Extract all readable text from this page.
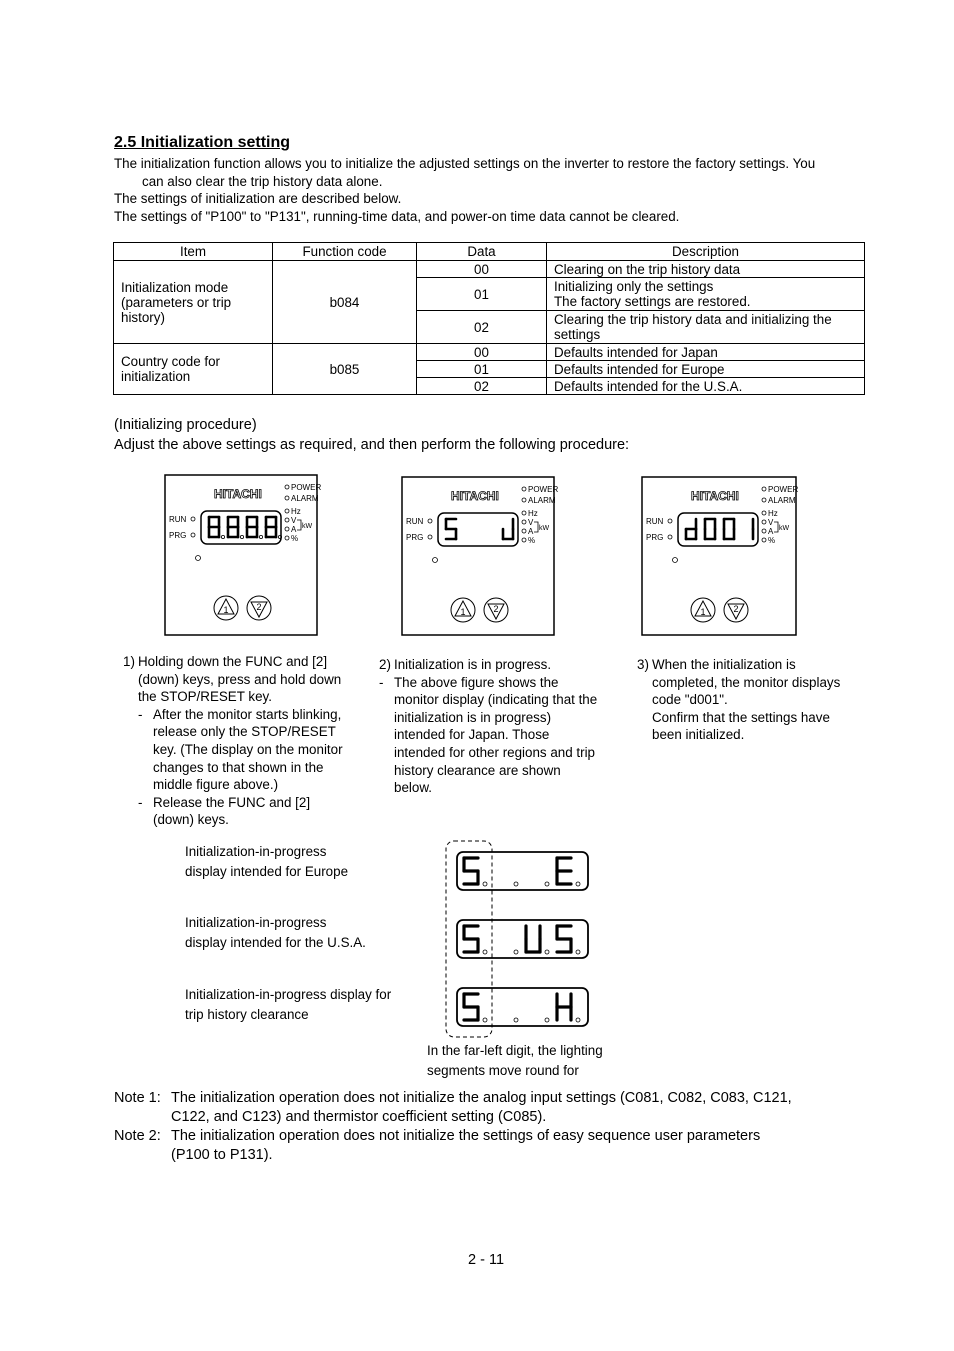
2.5 Initialization setting

The initialization function allows you to initialize the adjusted settings on the inverter to restore the factory settings. You

can also clear the trip history data alone.

The settings of initialization are described below.

The settings of "P100" to "P131", running-time data, and power-on time data cannot be cleared.

Item	Function code	Data	Description

Initialization mode
(parameters or trip
history)	b084	00	Clearing on the trip history data
		01	Initializing only the settings
The factory settings are restored.

		02	Clearing the trip history data and initializing the
settings

Country code for
initialization	b085	00	Defaults intended for Japan
		01	Defaults intended for Europe
		02	Defaults intended for the U.S.A.
(Initializing procedure)
Adjust the above settings as required, and then perform the following procedure:
HITACHI	POWER
ALARM
Hz
V
A
%
kW
RUN
PRG
1	2
HITACHI	POWER
ALARM
Hz
V
A
%
kW
RUN
PRG
1	2
HITACHI	POWER
ALARM
Hz
V
A
%
kW
RUN
PRG
1	2
1) Holding down the FUNC and [2]
(down) keys, press and hold down
the STOP/RESET key.
- After the monitor starts blinking,
release only the STOP/RESET
key. (The display on the monitor
changes to that shown in the
middle figure above.)
- Release the FUNC and [2]
(down) keys.
2) Initialization is in progress.
- The above figure shows the
monitor display (indicating that the
initialization is in progress)
intended for Japan. Those
intended for other regions and trip
history clearance are shown
below.
3) When the initialization is
completed, the monitor displays
code "d001".
Confirm that the settings have
been initialized.
Initialization-in-progress
display intended for Europe
Initialization-in-progress
display intended for the U.S.A.
Initialization-in-progress display for
trip history clearance
In the far-left digit, the lighting
segments move round for
Note 1: The initialization operation does not initialize the analog input settings (C081, C082, C083, C121,
C122, and C123) and thermistor coefficient setting (C085).
Note 2: The initialization operation does not initialize the settings of easy sequence user parameters
(P100 to P131).
2 - 11
